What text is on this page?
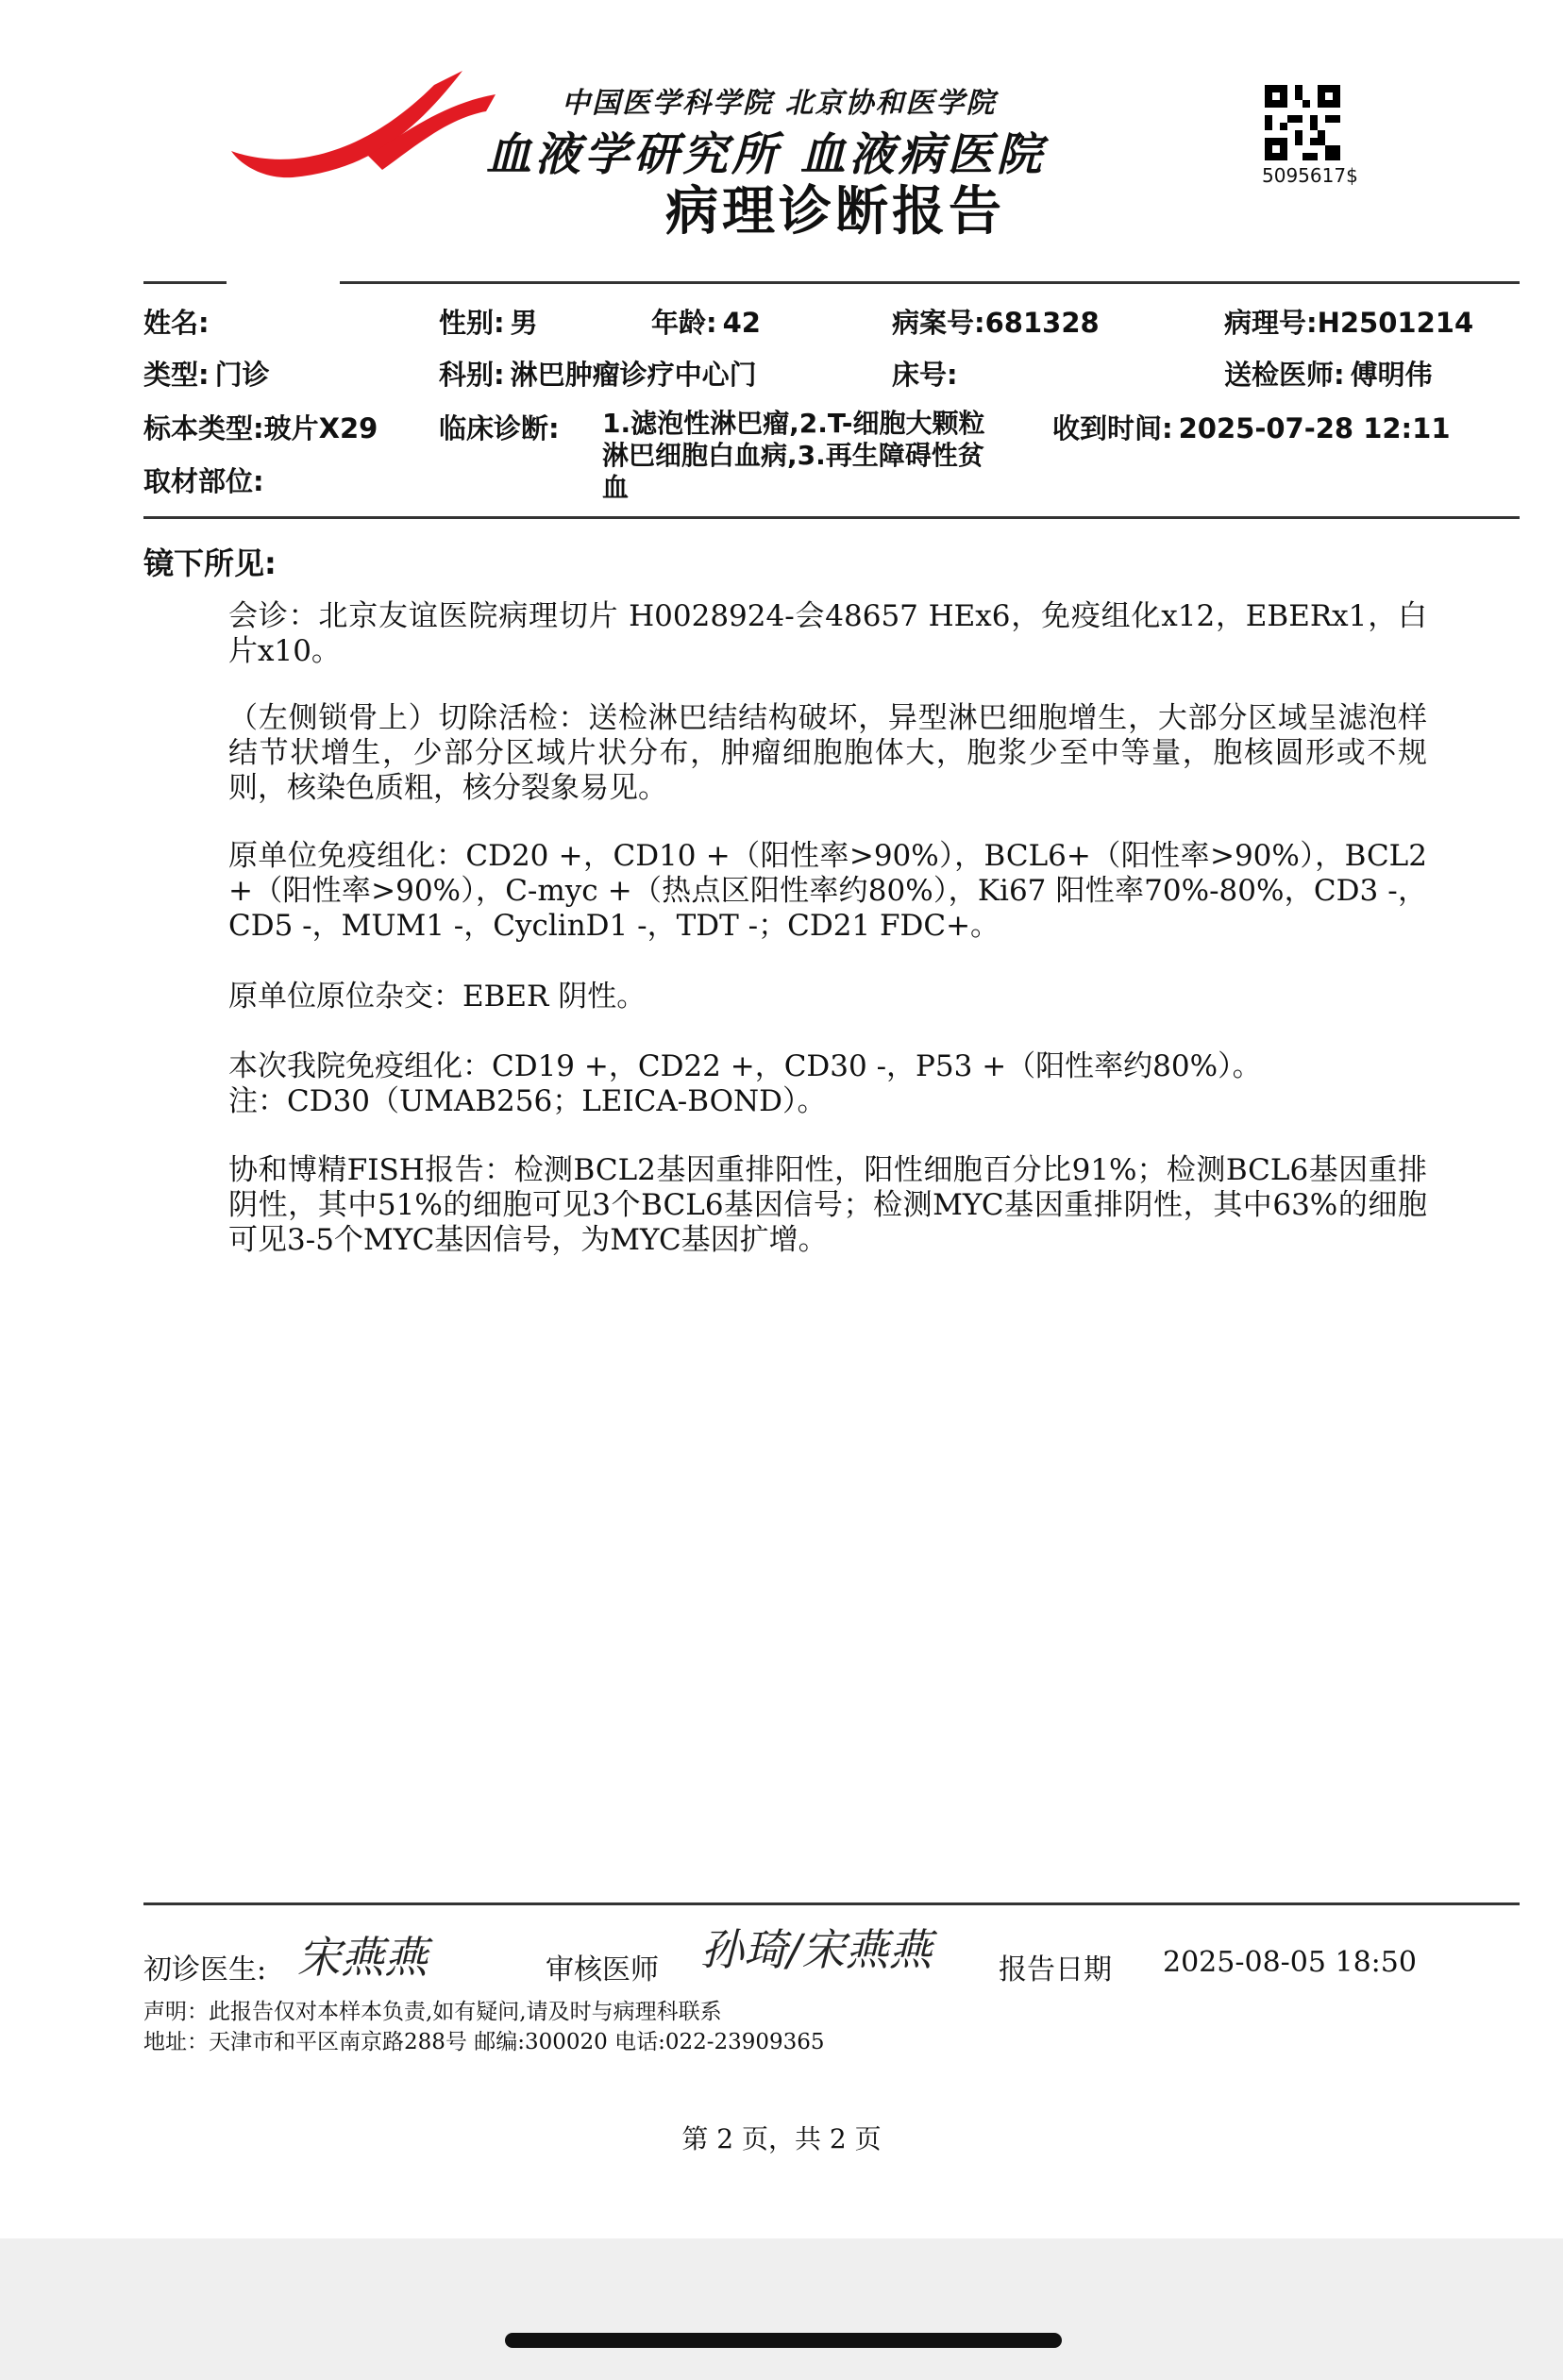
中国医学科学院 北京协和医学院
血液学研究所 血液病医院
病理诊断报告
5095617$
姓名:	性别: 男	年龄: 42	病案号:681328	病理号:H2501214
类型: 门诊	科别: 淋巴肿瘤诊疗中心门	床号:	送检医师: 傅明伟
标本类型:玻片X29 临床诊断: 1.滤泡性淋巴瘤,2.T-细胞大颗粒淋巴细胞白血病,3.再生障碍性贫血
收到时间: 2025-07-28 12:11
取材部位:
镜下所见:
会诊：北京友谊医院病理切片 H0028924-会48657 HEx6，免疫组化x12，EBERx1，白片x10。
（左侧锁骨上）切除活检：送检淋巴结结构破坏，异型淋巴细胞增生，大部分区域呈滤泡样结节状增生，少部分区域片状分布，肿瘤细胞胞体大，胞浆少至中等量，胞核圆形或不规则，核染色质粗，核分裂象易见。
原单位免疫组化：CD20 +，CD10 +（阳性率>90%），BCL6+（阳性率>90%），BCL2 +（阳性率>90%），C-myc +（热点区阳性率约80%），Ki67 阳性率70%-80%，CD3 -，CD5 -，MUM1 -，CyclinD1 -，TDT -；CD21 FDC+。
原单位原位杂交：EBER 阴性。
本次我院免疫组化：CD19 +，CD22 +，CD30 -，P53 +（阳性率约80%）。
注：CD30（UMAB256；LEICA-BOND）。
协和博精FISH报告：检测BCL2基因重排阳性，阳性细胞百分比91%；检测BCL6基因重排阴性，其中51%的细胞可见3个BCL6基因信号；检测MYC基因重排阴性，其中63%的细胞可见3-5个MYC基因信号，为MYC基因扩增。
初诊医生: 宋燕燕	审核医师 孙琦/宋燕燕 报告日期 2025-08-05 18:50
声明：此报告仅对本样本负责,如有疑问,请及时与病理科联系
地址：天津市和平区南京路288号 邮编:300020 电话:022-23909365
第 2 页，共 2 页
